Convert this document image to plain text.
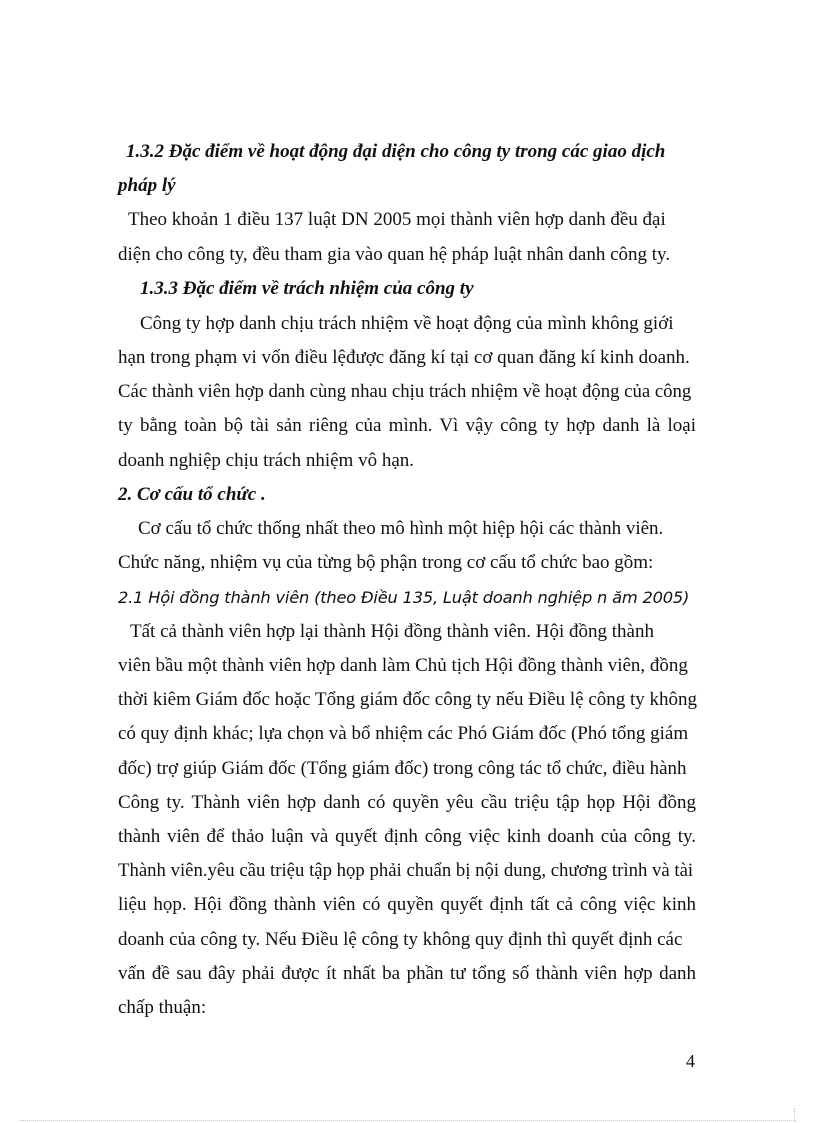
1.3.2 Đặc điểm về hoạt động đại diện cho công ty trong các giao dịch
pháp lý
Theo khoản 1 điều 137 luật DN 2005 mọi thành viên hợp danh đều đại
diện cho công ty, đều tham gia vào quan hệ pháp luật nhân danh công ty.
1.3.3 Đặc điểm về trách nhiệm của công ty
Công ty hợp danh chịu trách nhiệm về hoạt động của mình không giới
hạn trong phạm vi vốn điều lệđược đăng kí tại cơ quan đăng kí kinh doanh.
Các thành viên hợp danh cùng nhau chịu trách nhiệm về hoạt động của công
ty bằng toàn bộ tài sản riêng của mình. Vì vậy công ty hợp danh là loại
doanh nghiệp chịu trách nhiệm vô hạn.
2. Cơ cấu tổ chức .
Cơ cấu tổ chức thống nhất theo mô hình một hiệp hội các thành viên.
Chức năng, nhiệm vụ của từng bộ phận trong cơ cấu tổ chức bao gồm:
2.1 Hội đồng thành viên (theo Điều 135, Luật doanh nghiệp n ăm 2005)
Tất cả thành viên hợp lại thành Hội đồng thành viên. Hội đồng thành
viên bầu một thành viên hợp danh làm Chủ tịch Hội đồng thành viên, đồng
thời kiêm Giám đốc hoặc Tổng giám đốc công ty nếu Điều lệ công ty không
có quy định khác; lựa chọn và bổ nhiệm các Phó Giám đốc (Phó tổng giám
đốc) trợ giúp Giám đốc (Tổng giám đốc) trong công tác tổ chức, điều hành
Công ty. Thành viên hợp danh có quyền yêu cầu triệu tập họp Hội đồng
thành viên để thảo luận và quyết định công việc kinh doanh của công ty.
Thành viên.yêu cầu triệu tập họp phải chuẩn bị nội dung, chương trình và tài
liệu họp. Hội đồng thành viên có quyền quyết định tất cả công việc kinh
doanh của công ty. Nếu Điều lệ công ty không quy định thì quyết định các
vấn đề sau đây phải được ít nhất ba phần tư tổng số thành viên hợp danh
chấp thuận:
4
